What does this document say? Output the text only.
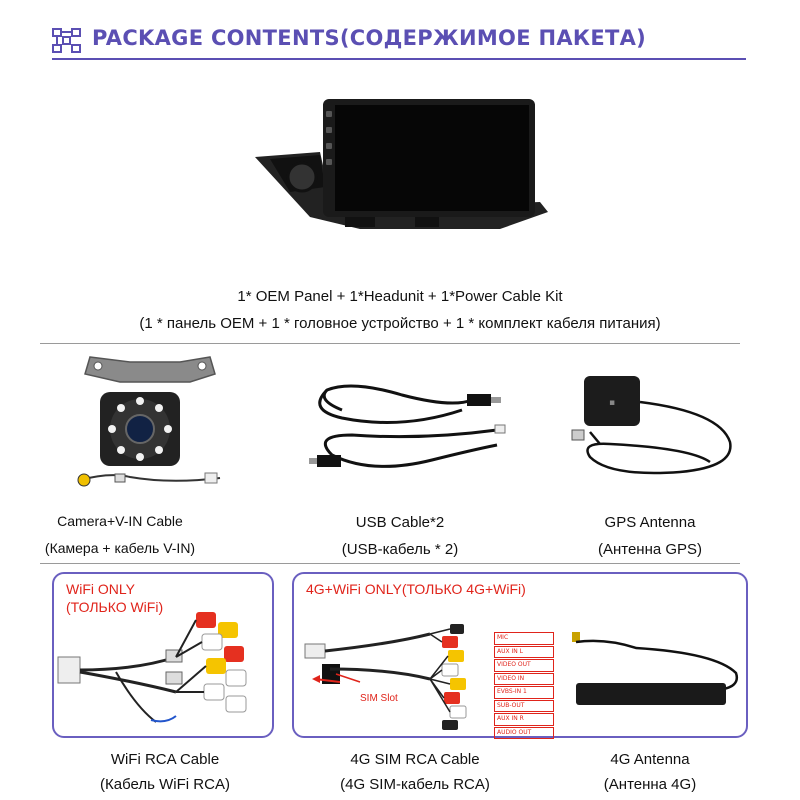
PACKAGE CONTENTS(СОДЕРЖИМОЕ ПАКЕТА)
1* OEM Panel + 1*Headunit + 1*Power Cable Kit
(1 * панель OEM + 1 * головное устройство + 1 * комплект кабеля питания)
▪
Camera+V-IN Cable
(Камера + кабель V-IN)
USB Cable*2
(USB-кабель * 2)
GPS Antenna
(Антенна GPS)
WiFi ONLY
(ТОЛЬКО WiFi)
WiFi RCA Cable
(Кабель WiFi RCA)
4G+WiFi ONLY(ТОЛЬКО 4G+WiFi)
SIM Slot
MIC
AUX IN L
VIDEO OUT
VIDEO IN
EVBS-IN 1
SUB-OUT
AUX IN R
AUDIO OUT
4G SIM RCA Cable
(4G SIM-кабель RCA)
4G Antenna
(Антенна 4G)
